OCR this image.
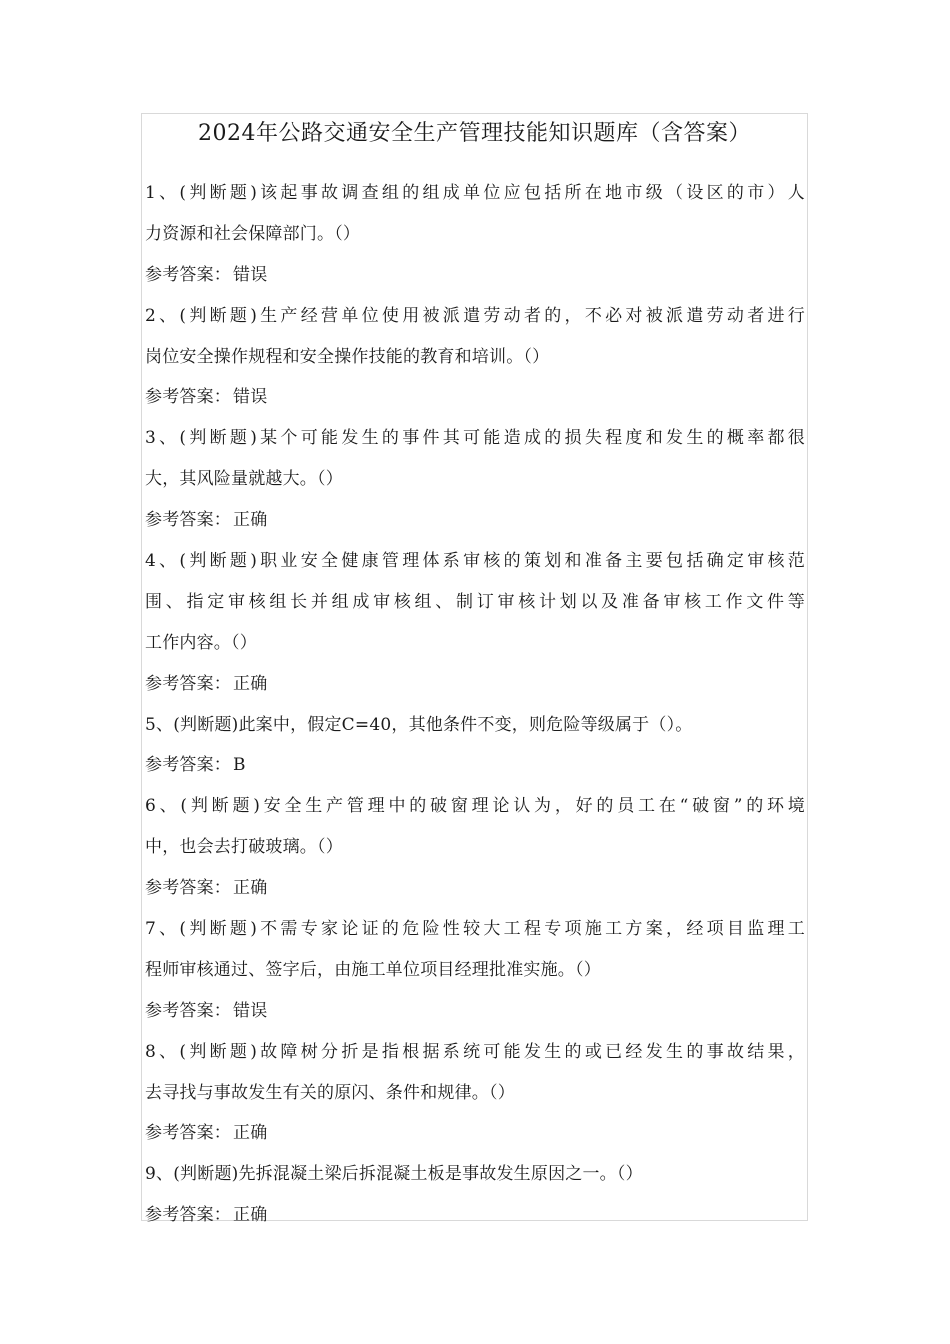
2024年公路交通安全生产管理技能知识题库（含答案）
1、(判断题)该起事故调查组的组成单位应包括所在地市级（设区的市）人
力资源和社会保障部门。（）
参考答案： 错误
2、(判断题)生产经营单位使用被派遣劳动者的，不必对被派遣劳动者进行
岗位安全操作规程和安全操作技能的教育和培训。（）
参考答案： 错误
3、(判断题)某个可能发生的事件其可能造成的损失程度和发生的概率都很
大，其风险量就越大。（）
参考答案： 正确
4、(判断题)职业安全健康管理体系审核的策划和准备主要包括确定审核范
围、指定审核组长并组成审核组、制订审核计划以及准备审核工作文件等
工作内容。（）
参考答案： 正确
5、(判断题)此案中，假定C=40，其他条件不变，则危险等级属于（）。
参考答案： B
6、(判断题)安全生产管理中的破窗理论认为，好的员工在“破窗”的环境
中，也会去打破玻璃。（）
参考答案： 正确
7、(判断题)不需专家论证的危险性较大工程专项施工方案，经项目监理工
程师审核通过、签字后，由施工单位项目经理批准实施。（）
参考答案： 错误
8、(判断题)故障树分折是指根据系统可能发生的或已经发生的事故结果，
去寻找与事故发生有关的原闪、条件和规律。（）
参考答案： 正确
9、(判断题)先拆混凝土梁后拆混凝土板是事故发生原因之一。（）
参考答案： 正确
